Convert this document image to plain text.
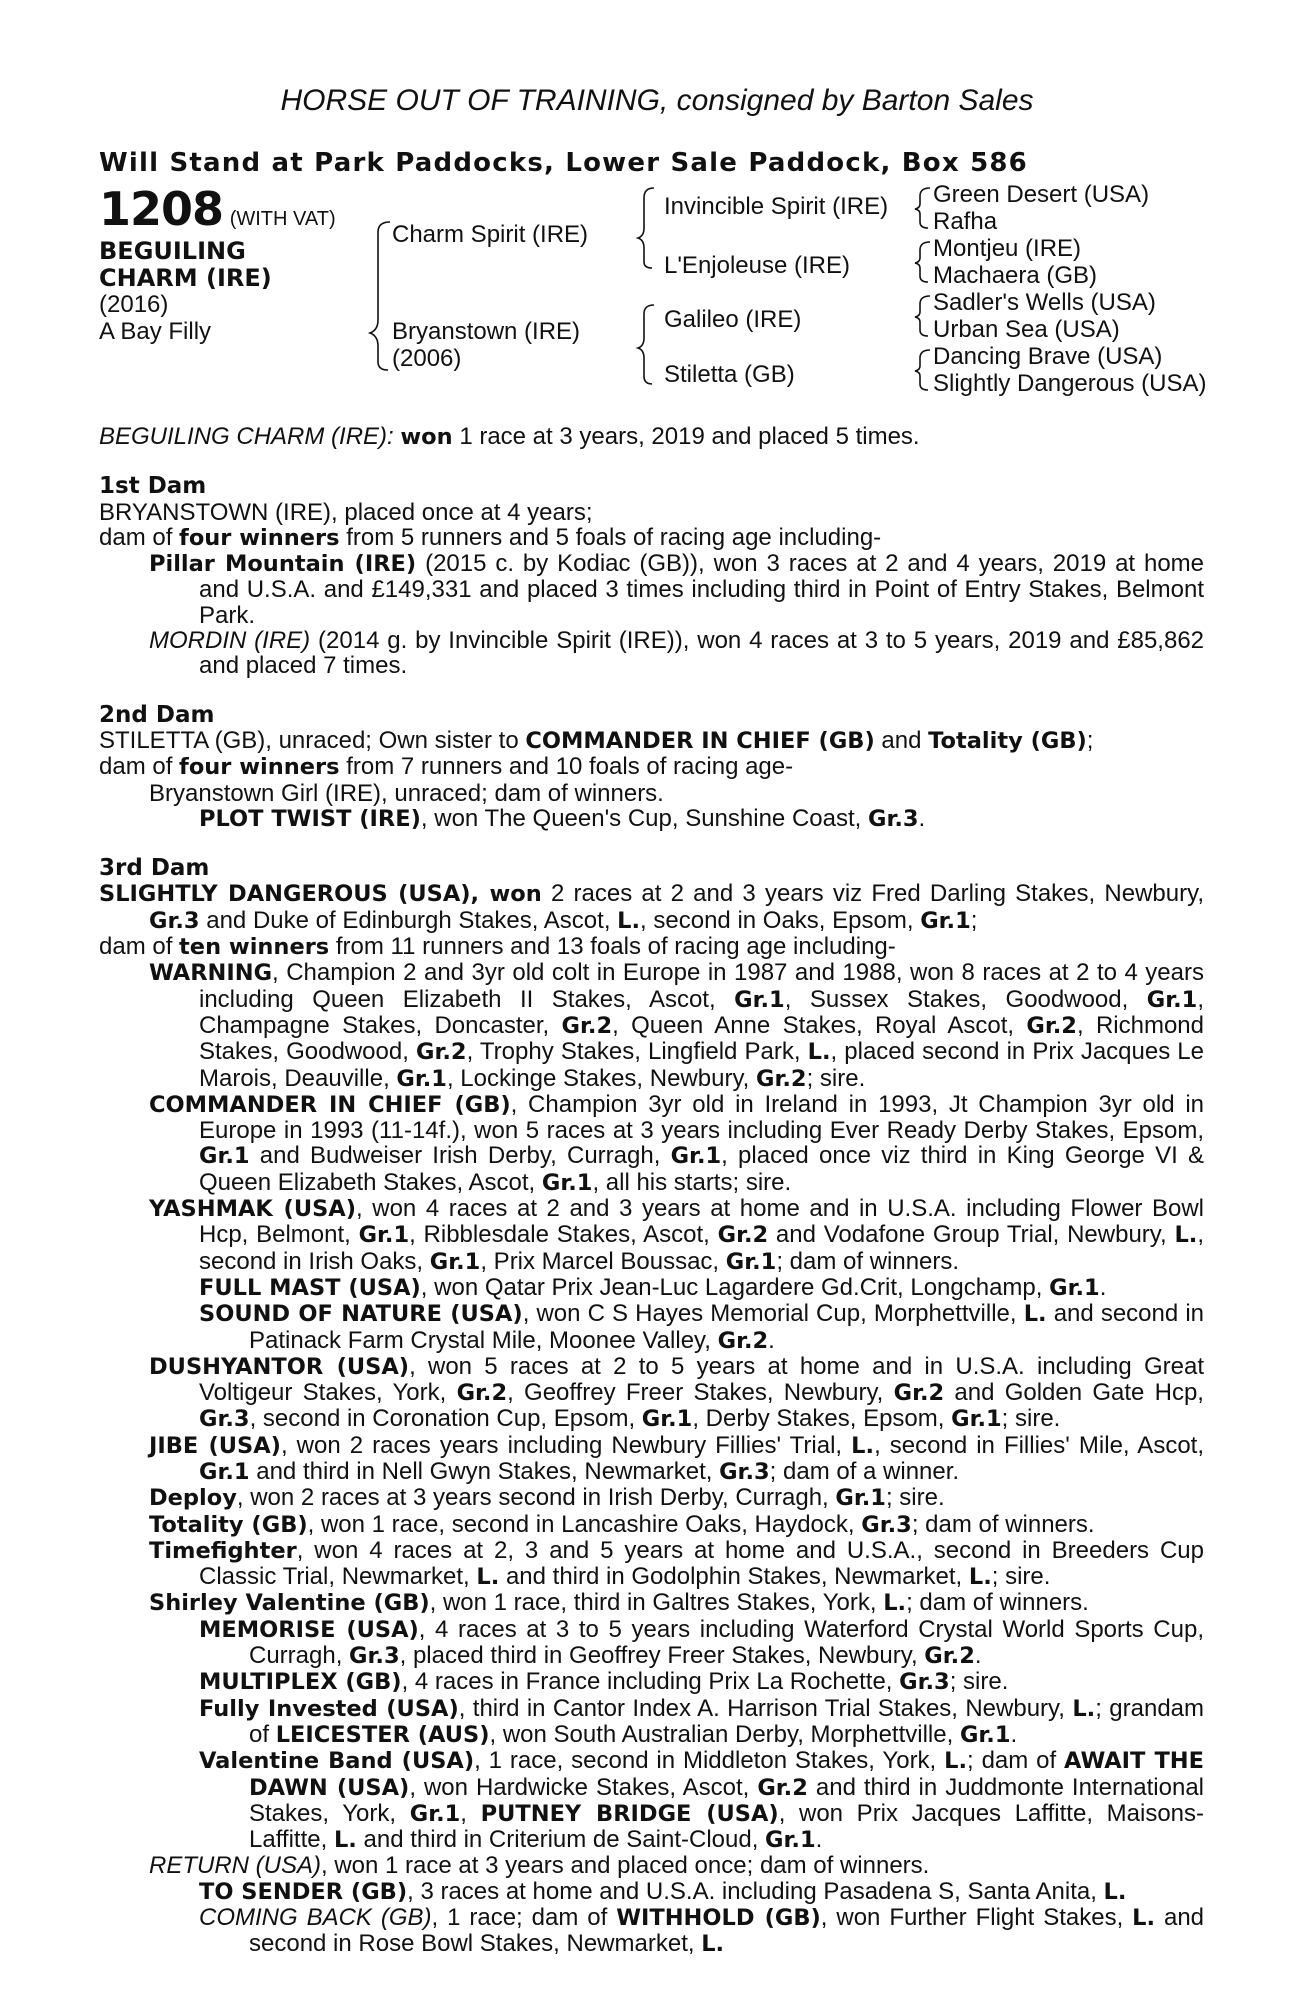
HORSE OUT OF TRAINING, consigned by Barton Sales
Will Stand at Park Paddocks, Lower Sale Paddock, Box 586
1208 (WITH VAT)
BEGUILING
CHARM (IRE)
(2016)
A Bay Filly
Charm Spirit (IRE)
Bryanstown (IRE)
(2006)
Invincible Spirit (IRE)
L'Enjoleuse (IRE)
Galileo (IRE)
Stiletta (GB)
Green Desert (USA)
Rafha
Montjeu (IRE)
Machaera (GB)
Sadler's Wells (USA)
Urban Sea (USA)
Dancing Brave (USA)
Slightly Dangerous (USA)

BEGUILING CHARM (IRE): won 1 race at 3 years, 2019 and placed 5 times.

1st Dam

BRYANSTOWN (IRE), placed once at 4 years;

dam of four winners from 5 runners and 5 foals of racing age including-

Pillar Mountain (IRE) (2015 c. by Kodiac (GB)), won 3 races at 2 and 4 years, 2019 at home and U.S.A. and £149,331 and placed 3 times including third in Point of Entry Stakes, Belmont Park.

MORDIN (IRE) (2014 g. by Invincible Spirit (IRE)), won 4 races at 3 to 5 years, 2019 and £85,862 and placed 7 times.

2nd Dam

STILETTA (GB), unraced; Own sister to COMMANDER IN CHIEF (GB) and Totality (GB);

dam of four winners from 7 runners and 10 foals of racing age-

Bryanstown Girl (IRE), unraced; dam of winners.

PLOT TWIST (IRE), won The Queen's Cup, Sunshine Coast, Gr.3.

3rd Dam

SLIGHTLY DANGEROUS (USA), won 2 races at 2 and 3 years viz Fred Darling Stakes, Newbury, Gr.3 and Duke of Edinburgh Stakes, Ascot, L., second in Oaks, Epsom, Gr.1;

dam of ten winners from 11 runners and 13 foals of racing age including-

WARNING, Champion 2 and 3yr old colt in Europe in 1987 and 1988, won 8 races at 2 to 4 years including Queen Elizabeth II Stakes, Ascot, Gr.1, Sussex Stakes, Goodwood, Gr.1, Champagne Stakes, Doncaster, Gr.2, Queen Anne Stakes, Royal Ascot, Gr.2, Richmond Stakes, Goodwood, Gr.2, Trophy Stakes, Lingfield Park, L., placed second in Prix Jacques Le Marois, Deauville, Gr.1, Lockinge Stakes, Newbury, Gr.2; sire.

COMMANDER IN CHIEF (GB), Champion 3yr old in Ireland in 1993, Jt Champion 3yr old in Europe in 1993 (11-14f.), won 5 races at 3 years including Ever Ready Derby Stakes, Epsom, Gr.1 and Budweiser Irish Derby, Curragh, Gr.1, placed once viz third in King George VI & Queen Elizabeth Stakes, Ascot, Gr.1, all his starts; sire.

YASHMAK (USA), won 4 races at 2 and 3 years at home and in U.S.A. including Flower Bowl Hcp, Belmont, Gr.1, Ribblesdale Stakes, Ascot, Gr.2 and Vodafone Group Trial, Newbury, L., second in Irish Oaks, Gr.1, Prix Marcel Boussac, Gr.1; dam of winners.

FULL MAST (USA), won Qatar Prix Jean-Luc Lagardere Gd.Crit, Longchamp, Gr.1.

SOUND OF NATURE (USA), won C S Hayes Memorial Cup, Morphettville, L. and second in Patinack Farm Crystal Mile, Moonee Valley, Gr.2.

DUSHYANTOR (USA), won 5 races at 2 to 5 years at home and in U.S.A. including Great Voltigeur Stakes, York, Gr.2, Geoffrey Freer Stakes, Newbury, Gr.2 and Golden Gate Hcp, Gr.3, second in Coronation Cup, Epsom, Gr.1, Derby Stakes, Epsom, Gr.1; sire.

JIBE (USA), won 2 races years including Newbury Fillies' Trial, L., second in Fillies' Mile, Ascot, Gr.1 and third in Nell Gwyn Stakes, Newmarket, Gr.3; dam of a winner.

Deploy, won 2 races at 3 years second in Irish Derby, Curragh, Gr.1; sire.

Totality (GB), won 1 race, second in Lancashire Oaks, Haydock, Gr.3; dam of winners.

Timefighter, won 4 races at 2, 3 and 5 years at home and U.S.A., second in Breeders Cup Classic Trial, Newmarket, L. and third in Godolphin Stakes, Newmarket, L.; sire.

Shirley Valentine (GB), won 1 race, third in Galtres Stakes, York, L.; dam of winners.

MEMORISE (USA), 4 races at 3 to 5 years including Waterford Crystal World Sports Cup, Curragh, Gr.3, placed third in Geoffrey Freer Stakes, Newbury, Gr.2.

MULTIPLEX (GB), 4 races in France including Prix La Rochette, Gr.3; sire.

Fully Invested (USA), third in Cantor Index A. Harrison Trial Stakes, Newbury, L.; grandam of LEICESTER (AUS), won South Australian Derby, Morphettville, Gr.1.

Valentine Band (USA), 1 race, second in Middleton Stakes, York, L.; dam of AWAIT THE DAWN (USA), won Hardwicke Stakes, Ascot, Gr.2 and third in Juddmonte International Stakes, York, Gr.1, PUTNEY BRIDGE (USA), won Prix Jacques Laffitte, Maisons-Laffitte, L. and third in Criterium de Saint-Cloud, Gr.1.

RETURN (USA), won 1 race at 3 years and placed once; dam of winners.

TO SENDER (GB), 3 races at home and U.S.A. including Pasadena S, Santa Anita, L.

COMING BACK (GB), 1 race; dam of WITHHOLD (GB), won Further Flight Stakes, L. and second in Rose Bowl Stakes, Newmarket, L.
